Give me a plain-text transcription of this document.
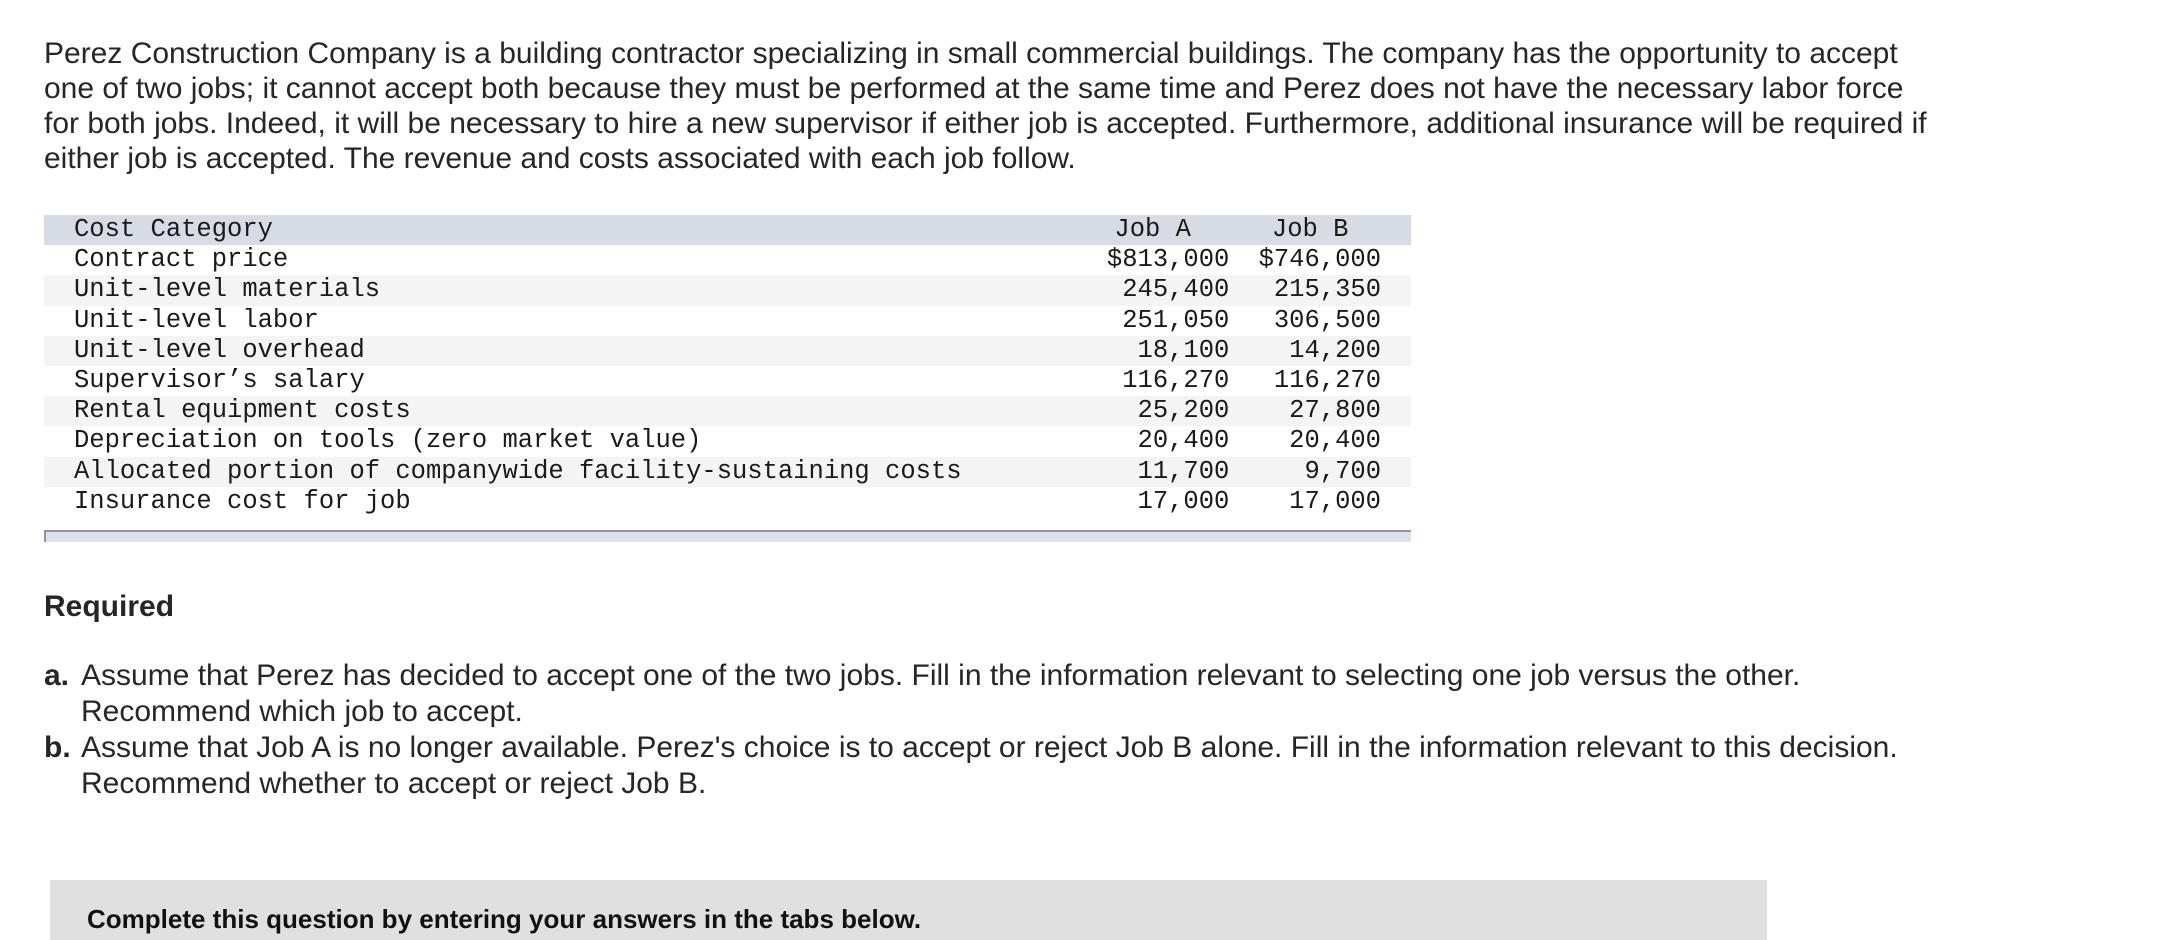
Perez Construction Company is a building contractor specializing in small commercial buildings. The company has the opportunity to accept one of two jobs; it cannot accept both because they must be performed at the same time and Perez does not have the necessary labor force for both jobs. Indeed, it will be necessary to hire a new supervisor if either job is accepted. Furthermore, additional insurance will be required if either job is accepted. The revenue and costs associated with each job follow.

Cost Category	Job A	Job B
Contract price	$813,000	$746,000
Unit-level materials	245,400	215,350
Unit-level labor	251,050	306,500
Unit-level overhead	18,100	14,200
Supervisor’s salary	116,270	116,270
Rental equipment costs	25,200	27,800
Depreciation on tools (zero market value)	20,400	20,400
Allocated portion of companywide facility-sustaining costs	11,700	9,700
Insurance cost for job	17,000	17,000
Required
a. Assume that Perez has decided to accept one of the two jobs. Fill in the information relevant to selecting one job versus the other. Recommend which job to accept.
b. Assume that Job A is no longer available. Perez's choice is to accept or reject Job B alone. Fill in the information relevant to this decision. Recommend whether to accept or reject Job B.

Complete this question by entering your answers in the tabs below.
